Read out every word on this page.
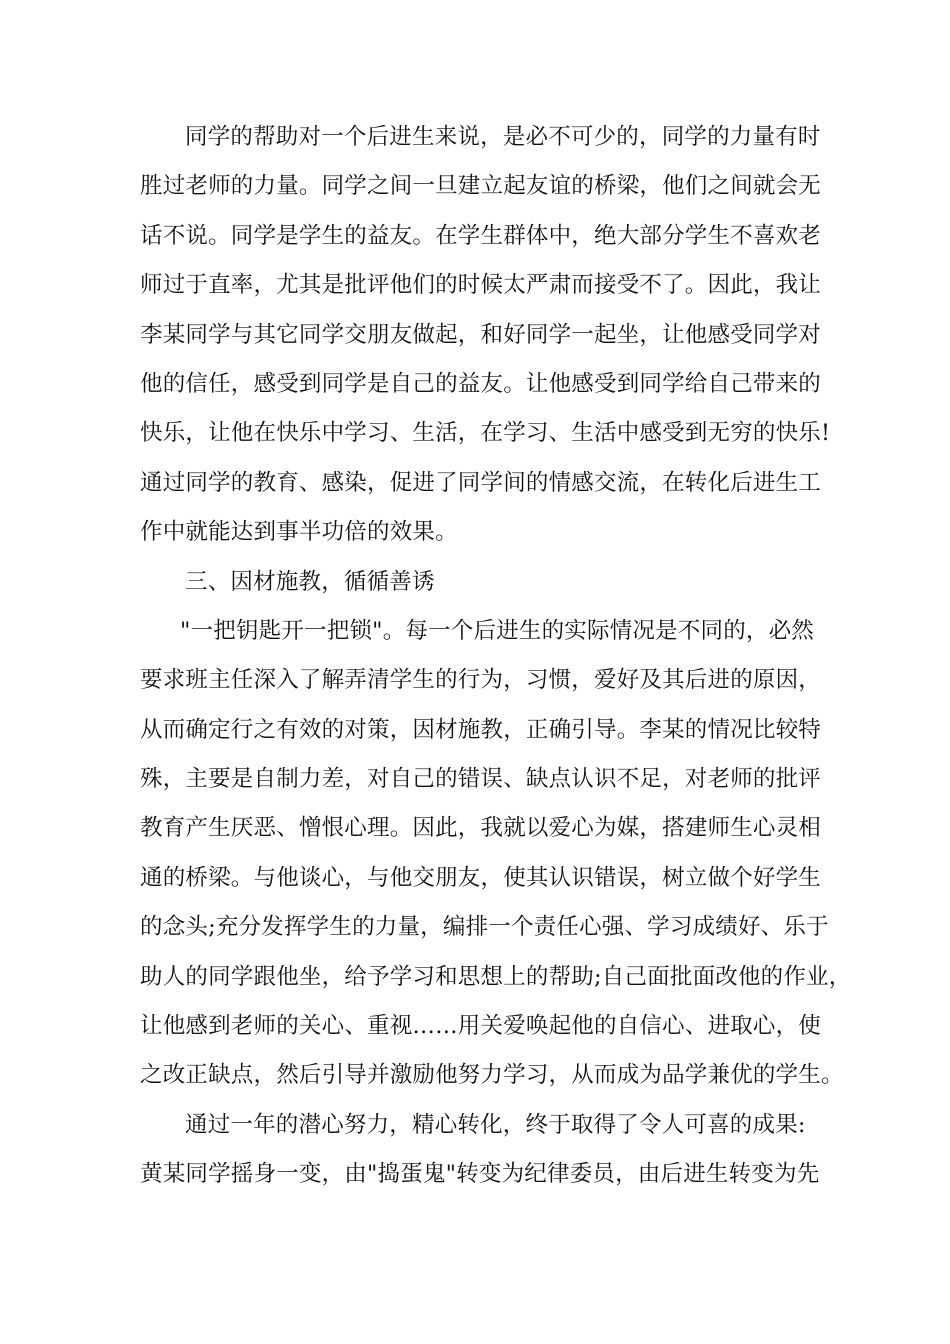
同学的帮助对一个后进生来说，是必不可少的，同学的力量有时
胜过老师的力量。同学之间一旦建立起友谊的桥梁，他们之间就会无
话不说。同学是学生的益友。在学生群体中，绝大部分学生不喜欢老
师过于直率，尤其是批评他们的时候太严肃而接受不了。因此，我让
李某同学与其它同学交朋友做起，和好同学一起坐，让他感受同学对
他的信任，感受到同学是自己的益友。让他感受到同学给自己带来的
快乐，让他在快乐中学习、生活，在学习、生活中感受到无穷的快乐!
通过同学的教育、感染，促进了同学间的情感交流，在转化后进生工
作中就能达到事半功倍的效果。
三、因材施教，循循善诱
"一把钥匙开一把锁"。每一个后进生的实际情况是不同的，必然
要求班主任深入了解弄清学生的行为，习惯，爱好及其后进的原因，
从而确定行之有效的对策，因材施教，正确引导。李某的情况比较特
殊，主要是自制力差，对自己的错误、缺点认识不足，对老师的批评
教育产生厌恶、憎恨心理。因此，我就以爱心为媒，搭建师生心灵相
通的桥梁。与他谈心，与他交朋友，使其认识错误，树立做个好学生
的念头;充分发挥学生的力量，编排一个责任心强、学习成绩好、乐于
助人的同学跟他坐，给予学习和思想上的帮助;自己面批面改他的作业，
让他感到老师的关心、重视……用关爱唤起他的自信心、进取心，使
之改正缺点，然后引导并激励他努力学习，从而成为品学兼优的学生。
通过一年的潜心努力，精心转化，终于取得了令人可喜的成果:
黄某同学摇身一变，由"捣蛋鬼"转变为纪律委员，由后进生转变为先
